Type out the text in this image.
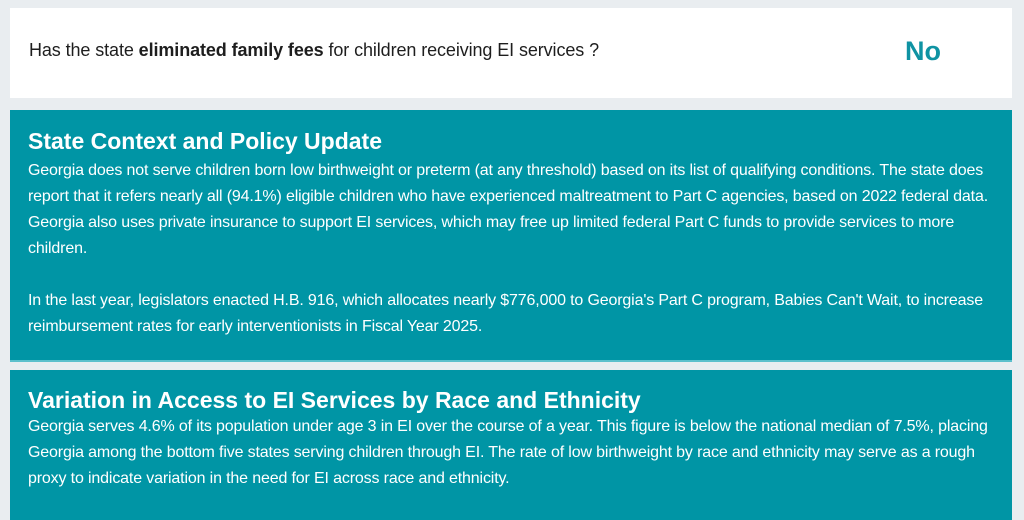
Has the state eliminated family fees for children receiving EI services ?	No
State Context and Policy Update

Georgia does not serve children born low birthweight or preterm (at any threshold) based on its list of qualifying conditions. The state does report that it refers nearly all (94.1%) eligible children who have experienced maltreatment to Part C agencies, based on 2022 federal data. Georgia also uses private insurance to support EI services, which may free up limited federal Part C funds to provide services to more children.

In the last year, legislators enacted H.B. 916, which allocates nearly $776,000 to Georgia's Part C program, Babies Can't Wait, to increase reimbursement rates for early interventionists in Fiscal Year 2025.

Variation in Access to EI Services by Race and Ethnicity

Georgia serves 4.6% of its population under age 3 in EI over the course of a year. This figure is below the national median of 7.5%, placing Georgia among the bottom five states serving children through EI. The rate of low birthweight by race and ethnicity may serve as a rough proxy to indicate variation in the need for EI across race and ethnicity.
